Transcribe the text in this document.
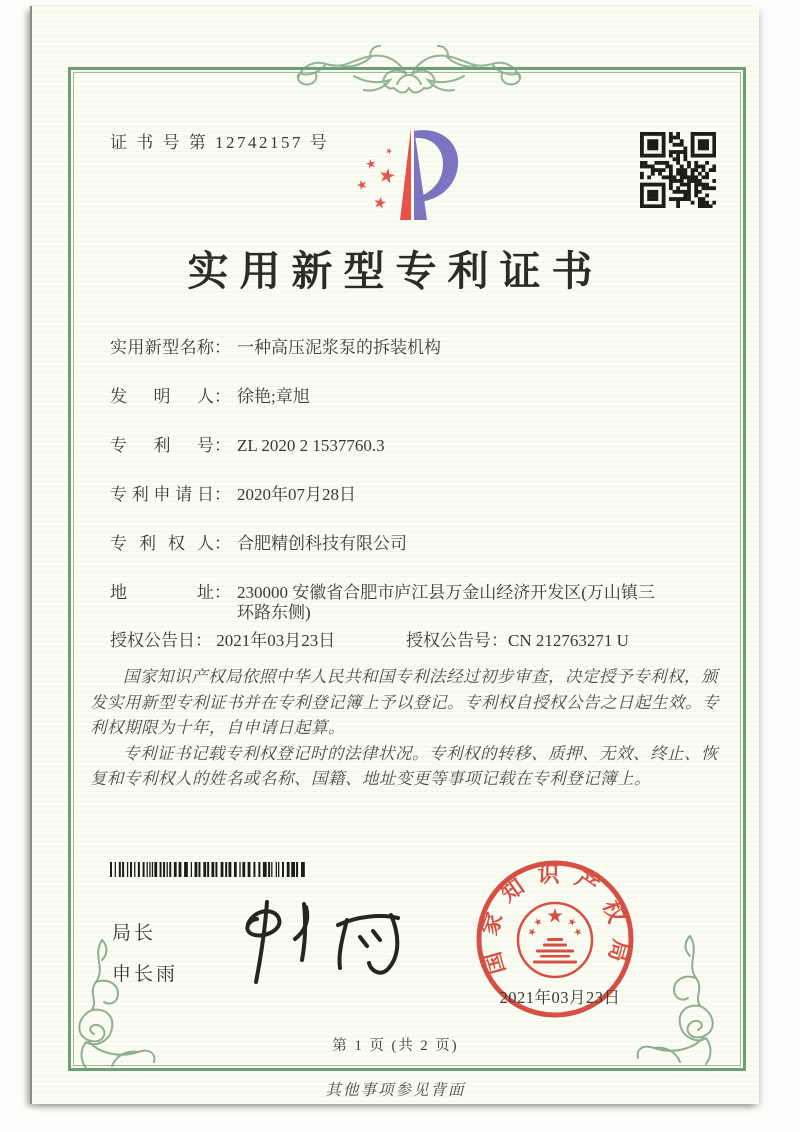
证 书 号 第 12742157 号
实用新型专利证书
实用新型名称 ： 一种高压泥浆泵的拆装机构
发明人 ： 徐艳;章旭
专利号 ： ZL 2020 2 1537760.3
专利申请日 ： 2020年07月28日
专利权人 ： 合肥精创科技有限公司
地址 ： 230000 安徽省合肥市庐江县万金山经济开发区(万山镇三环路东侧)
授权公告日： 2021年03月23日	授权公告号：CN 212763271 U

国家知识产权局依照中华人民共和国专利法经过初步审查，决定授予专利权，颁发实用新型专利证书并在专利登记簿上予以登记。专利权自授权公告之日起生效。专利权期限为十年，自申请日起算。

专利证书记载专利权登记时的法律状况。专利权的转移、质押、无效、终止、恢复和专利权人的姓名或名称、国籍、地址变更等事项记载在专利登记簿上。

局长
申长雨	国家知识产权局
2021年03月23日
第 1 页 (共 2 页)
其他事项参见背面
